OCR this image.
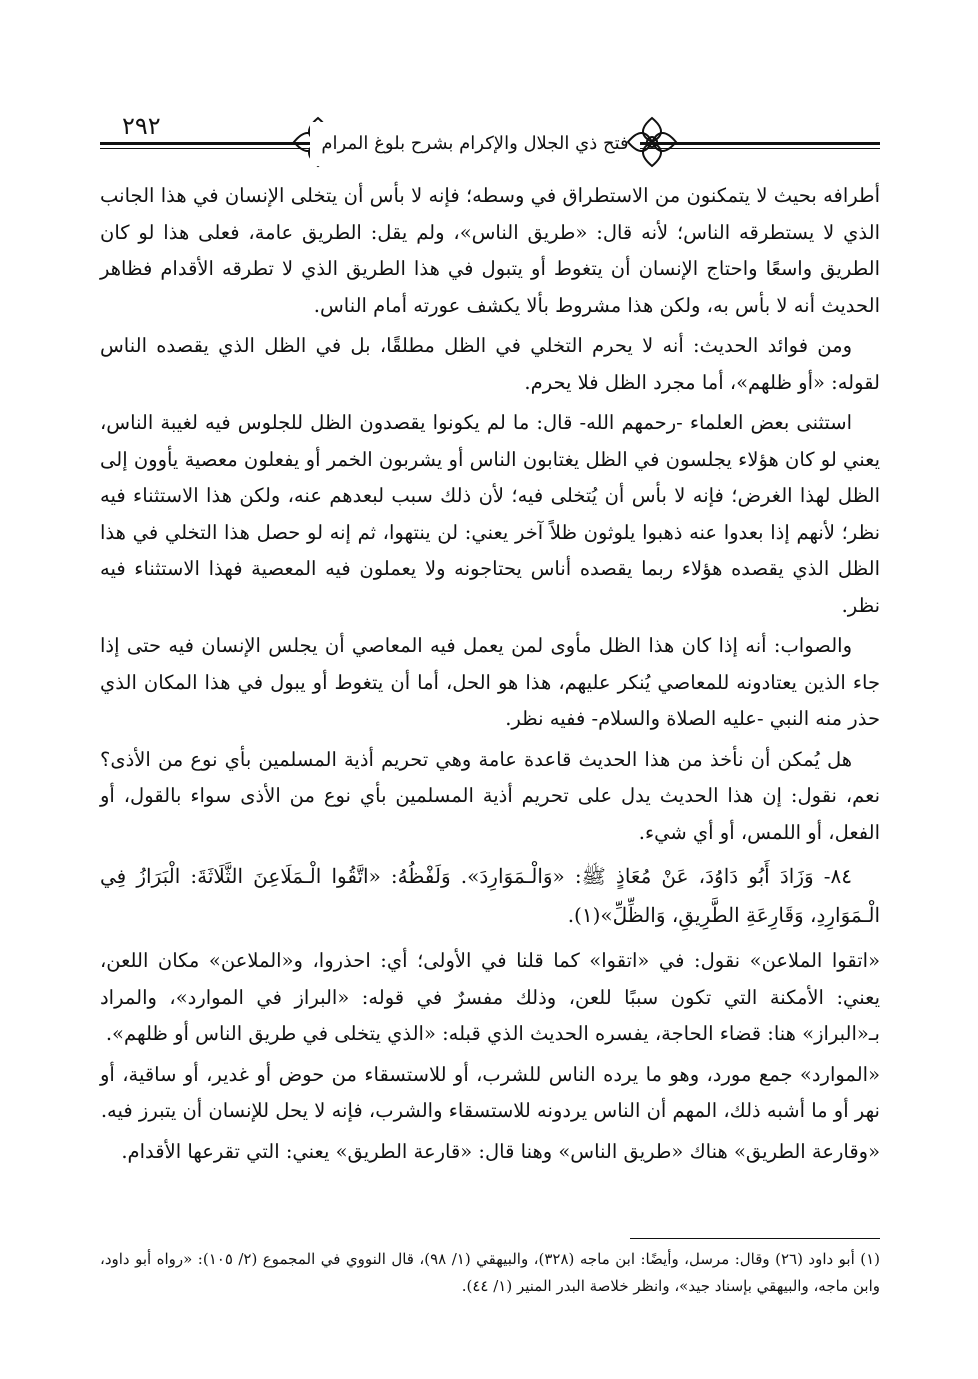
٢٩٢
فتح ذي الجلال والإكرام بشرح بلوغ المرام

أطرافه بحيث لا يتمكنون من الاستطراق في وسطه؛ فإنه لا بأس أن يتخلى الإنسان في هذا الجانب الذي لا يستطرقه الناس؛ لأنه قال: «طريق الناس»، ولم يقل: الطريق عامة، فعلى هذا لو كان الطريق واسعًا واحتاج الإنسان أن يتغوط أو يتبول في هذا الطريق الذي لا تطرقه الأقدام فظاهر الحديث أنه لا بأس به، ولكن هذا مشروط بألا يكشف عورته أمام الناس.

ومن فوائد الحديث: أنه لا يحرم التخلي في الظل مطلقًا، بل في الظل الذي يقصده الناس لقوله: «أو ظلهم»، أما مجرد الظل فلا يحرم.

استثنى بعض العلماء -رحمهم الله- قال: ما لم يكونوا يقصدون الظل للجلوس فيه لغيبة الناس، يعني لو كان هؤلاء يجلسون في الظل يغتابون الناس أو يشربون الخمر أو يفعلون معصية يأوون إلى الظل لهذا الغرض؛ فإنه لا بأس أن يُتخلى فيه؛ لأن ذلك سبب لبعدهم عنه، ولكن هذا الاستثناء فيه نظر؛ لأنهم إذا بعدوا عنه ذهبوا يلوثون ظلاً آخر يعني: لن ينتهوا، ثم إنه لو حصل هذا التخلي في هذا الظل الذي يقصده هؤلاء ربما يقصده أناس يحتاجونه ولا يعملون فيه المعصية فهذا الاستثناء فيه نظر.

والصواب: أنه إذا كان هذا الظل مأوى لمن يعمل فيه المعاصي أن يجلس الإنسان فيه حتى إذا جاء الذين يعتادونه للمعاصي يُنكر عليهم، هذا هو الحل، أما أن يتغوط أو يبول في هذا المكان الذي حذر منه النبي -عليه الصلاة والسلام- ففيه نظر.

هل يُمكن أن نأخذ من هذا الحديث قاعدة عامة وهي تحريم أذية المسلمين بأي نوع من الأذى؟ نعم، نقول: إن هذا الحديث يدل على تحريم أذية المسلمين بأي نوع من الأذى سواء بالقول، أو الفعل، أو اللمس، أو أي شيء.

٨٤- وَزَادَ أَبُو دَاوُدَ، عَنْ مُعَاذٍ ﷺ: «وَالْـمَوَارِدَ». وَلَفْظُهُ: «اتَّقُوا الْـمَلَاعِنَ الثَّلَاثَةَ: الْبَرَازُ فِي الْـمَوَارِدِ، وَقَارِعَةِ الطَّرِيقِ، وَالظِّلِّ»(١).

«اتقوا الملاعن» نقول: في «اتقوا» كما قلنا في الأولى؛ أي: احذروا، و«الملاعن» مكان اللعن، يعني: الأمكنة التي تكون سببًا للعن، وذلك مفسرٌ في قوله: «البراز في الموارد»، والمراد بـ«البراز» هنا: قضاء الحاجة، يفسره الحديث الذي قبله: «الذي يتخلى في طريق الناس أو ظلهم».

«الموارد» جمع مورد، وهو ما يرده الناس للشرب، أو للاستسقاء من حوض أو غدير، أو ساقية، أو نهر أو ما أشبه ذلك، المهم أن الناس يردونه للاستسقاء والشرب، فإنه لا يحل للإنسان أن يتبرز فيه.

«وقارعة الطريق» هناك «طريق الناس» وهنا قال: «قارعة الطريق» يعني: التي تقرعها الأقدام.

(١) أبو داود (٢٦) وقال: مرسل، وأيضًا: ابن ماجه (٣٢٨)، والبيهقي (١/ ٩٨)، قال النووي في المجموع (٢/ ١٠٥): «رواه أبو داود، وابن ماجه، والبيهقي بإسناد جيد»، وانظر خلاصة البدر المنير (١/ ٤٤).
